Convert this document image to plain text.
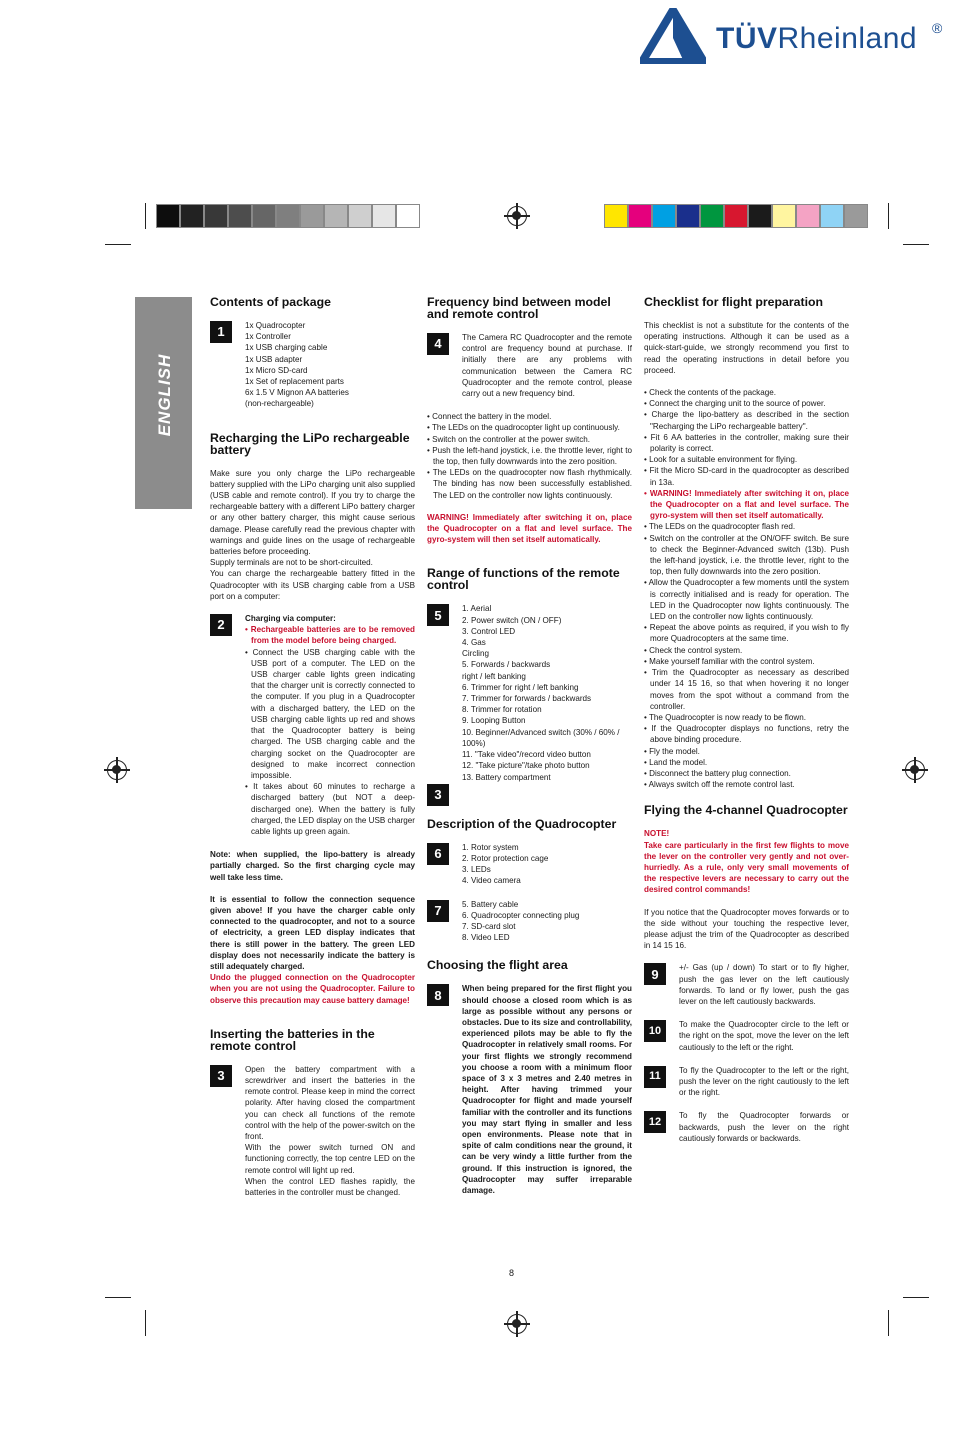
TÜVRheinland ®
ENGLISH
Contents of package
1	1x Quadrocopter
1x Controller
1x USB charging cable
1x USB adapter
1x Micro SD-card
1x Set of replacement parts
6x 1.5 V Mignon AA batteries
(non-rechargeable)
Recharging the LiPo rechargeable battery

Make sure you only charge the LiPo rechargeable battery supplied with the LiPo charging unit also supplied (USB cable and remote control). If you try to charge the rechargeable battery with a different LiPo battery charger or any other battery charger, this might cause serious damage. Please carefully read the previous chapter with warnings and guide lines on the usage of rechargeable batteries before proceeding.

Supply terminals are not to be short-circuited.

You can charge the rechargeable battery fitted in the Quadrocopter with its USB charging cable from a USB port on a computer:

2	Charging via computer:
• Rechargeable batteries are to be removed from the model before being charged.
• Connect the USB charging cable with the USB port of a computer. The LED on the USB charger cable lights green indicating that the charger unit is correctly connected to the computer. If you plug in a Quadrocopter with a discharged battery, the LED on the USB charging cable lights up red and shows that the Quadrocopter battery is being charged. The USB charging cable and the charging socket on the Quadrocopter are designed to make incorrect connection impossible.
• It takes about 60 minutes to recharge a discharged battery (but NOT a deep-discharged one). When the battery is fully charged, the LED display on the USB charger cable lights up green again.

Note: when supplied, the lipo-battery is already partially charged. So the first charging cycle may well take less time.

It is essential to follow the connection sequence given above! If you have the charger cable only connected to the quadrocopter, and not to a source of electricity, a green LED display indicates that there is still power in the battery. The green LED display does not necessarily indicate the battery is still adequately charged.

Undo the plugged connection on the Quadrocopter when you are not using the Quadrocopter. Failure to observe this precaution may cause battery damage!

Inserting the batteries in the remote control
3	Open the battery compartment with a screwdriver and insert the batteries in the remote control. Please keep in mind the correct polarity. After having closed the compartment you can check all functions of the remote control with the help of the power-switch on the front.

With the power switch turned ON and functioning correctly, the top centre LED on the remote control will light up red.

When the control LED flashes rapidly, the batteries in the controller must be changed.

Frequency bind between model and remote control
4	The Camera RC Quadrocopter and the remote control are frequency bound at purchase. If initially there are any problems with communication between the Camera RC Quadrocopter and the remote control, please carry out a new frequency bind.

• Connect the battery in the model.
• The LEDs on the quadrocopter light up continuously.
• Switch on the controller at the power switch.
• Push the left-hand joystick, i.e. the throttle lever, right to the top, then fully downwards into the zero position.
• The LEDs on the quadrocopter now flash rhythmically. The binding has now been successfully established. The LED on the controller now lights continuously.

WARNING! Immediately after switching it on, place the Quadrocopter on a flat and level surface. The gyro-system will then set itself automatically.

Range of functions of the remote control
5	1. Aerial
2. Power switch (ON / OFF)
3. Control LED
4. Gas
Circling
5. Forwards / backwards
right / left banking
6. Trimmer for right / left banking
7. Trimmer for forwards / backwards
8. Trimmer for rotation
9. Looping Button
10. Beginner/Advanced switch (30% / 60% / 100%)
11. "Take video"/record video button
12. "Take picture"/take photo button
13. Battery compartment
3
Description of the Quadrocopter
6	1. Rotor system
2. Rotor protection cage
3. LEDs
4. Video camera
7	5. Battery cable
6. Quadrocopter connecting plug
7. SD-card slot
8. Video LED
Choosing the flight area
8	When being prepared for the first flight you should choose a closed room which is as large as possible without any persons or obstacles. Due to its size and controllability, experienced pilots may be able to fly the Quadrocopter in relatively small rooms. For your first flights we strongly recommend you choose a room with a minimum floor space of 3 x 3 metres and 2.40 metres in height. After having trimmed your Quadrocopter for flight and made yourself familiar with the controller and its functions you may start flying in smaller and less open environments. Please note that in spite of calm conditions near the ground, it can be very windy a little further from the ground. If this instruction is ignored, the Quadrocopter may suffer irreparable damage.

Checklist for flight preparation

This checklist is not a substitute for the contents of the operating instructions. Although it can be used as a quick-start-guide, we strongly recommend you first to read the operating instructions in detail before you proceed.

• Check the contents of the package.
• Connect the charging unit to the source of power.
• Charge the lipo-battery as described in the section "Recharging the LiPo rechargeable battery".
• Fit 6 AA batteries in the controller, making sure their polarity is correct.
• Look for a suitable environment for flying.
• Fit the Micro SD-card in the quadrocopter as described in 13a.
• WARNING! Immediately after switching it on, place the Quadrocopter on a flat and level surface. The gyro-system will then set itself automatically.
• The LEDs on the quadrocopter flash red.
• Switch on the controller at the ON/OFF switch. Be sure to check the Beginner-Advanced switch (13b). Push the left-hand joystick, i.e. the throttle lever, right to the top, then fully downwards into the zero position.
• Allow the Quadrocopter a few moments until the system is correctly initialised and is ready for operation. The LED in the Quadrocopter now lights continuously. The LED on the controller now lights continuously.
• Repeat the above points as required, if you wish to fly more Quadrocopters at the same time.
• Check the control system.
• Make yourself familiar with the control system.
• Trim the Quadrocopter as necessary as described under 14 15 16, so that when hovering it no longer moves from the spot without a command from the controller.
• The Quadrocopter is now ready to be flown.
• If the Quadrocopter displays no functions, retry the above binding procedure.
• Fly the model.
• Land the model.
• Disconnect the battery plug connection.
• Always switch off the remote control last.
Flying the 4-channel Quadrocopter
NOTE!

Take care particularly in the first few flights to move the lever on the controller very gently and not over-hurriedly. As a rule, only very small movements of the respective levers are necessary to carry out the desired control commands!

If you notice that the Quadrocopter moves forwards or to the side without your touching the respective lever, please adjust the trim of the Quadrocopter as described in 14 15 16.

9	+/- Gas (up / down) To start or to fly higher, push the gas lever on the left cautiously forwards. To land or fly lower, push the gas lever on the left cautiously backwards.

10	To make the Quadrocopter circle to the left or the right on the spot, move the lever on the left cautiously to the left or the right.

11	To fly the Quadrocopter to the left or the right, push the lever on the right cautiously to the left or the right.

12	To fly the Quadrocopter forwards or backwards, push the lever on the right cautiously forwards or backwards.

8
